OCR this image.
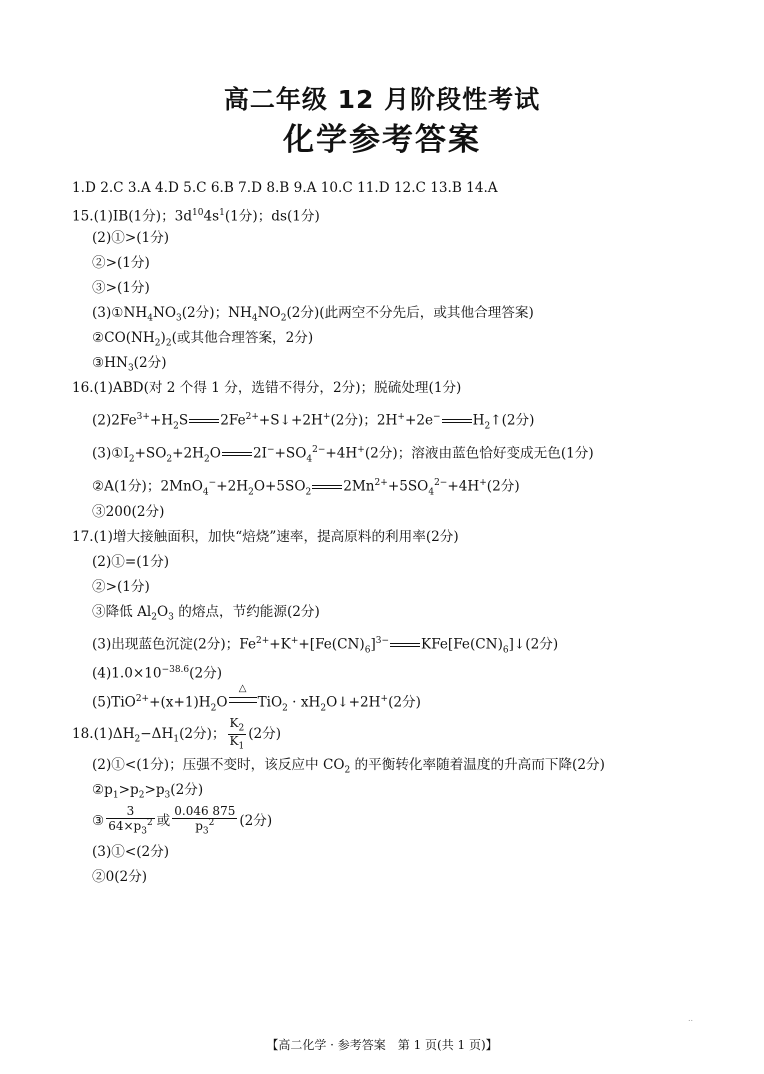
高二年级 12 月阶段性考试
化学参考答案
1.D 2.C 3.A 4.D 5.C 6.B 7.D 8.B 9.A 10.C 11.D 12.C 13.B 14.A
15.(1)ⅠB(1分)；$3d^{10}4s^1(1$分)；ds(1分)
(2)①>(1分)
②>(1分)
③>(1分)
$(3)①NH_4NO_3(2$分)；$NH_4NO_2(2$分)(此两空不分先后，或其他合理答案)
$②CO(NH_2)_2$(或其他合理答案，2分)
$③HN_3(2$分)
16.(1)ABD(对 2 个得 1 分，选错不得分，2分)；脱硫处理(1分)
$(2)2Fe^{3+}+H_2S$ $2Fe^{2+}+S↓+2H^+(2$分)；2H++2e− $H_2↑(2$分)
$(3)①I_2+SO_2+2H_2O$ $2I^-+SO_4^{2-}+4H^+(2$分)；溶液由蓝色恰好变成无色(1分)
②A(1分)；$2MnO_4^-+2H_2O+5SO_2$ $2Mn^{2+}+5SO_4^{2-}+4H^+(2$分)
③200(2分)
17.(1)增大接触面积，加快“焙烧”速率，提高原料的利用率(2分)
(2)①=(1分)
②>(1分)
③降低 $Al_2O_3$ 的熔点，节约能源(2分)
(3)出现蓝色沉淀(2分)；$Fe^{2+}+K^++[Fe(CN)_6]^{3-}$ $KFe[Fe(CN)_6]↓(2$分)
$(4)1.0\times 10^{-38.6}(2$分)
$(5)TiO^{2+}+(x+1)H_2O$
△
$TiO_2 \cdot xH_2O↓+2H^+(2$分)
$18.(1)\Delta H_2-\Delta H_1(2$分)； $\frac{K_2}{K_1} (2$分)
(2)①<(1分)；压强不变时，该反应中 $CO_2$ 的平衡转化率随着温度的升高而下降(2分)
$②p_1>p_2>p_3(2$分)
③ $\frac{3}{64\times p_3^2}$ 或 $\frac{0.046 875}{p_3^2} (2$分)
(3)①<(2分)
②0(2分)
..
【高二化学 · 参考答案　第 1 页(共 1 页)】
